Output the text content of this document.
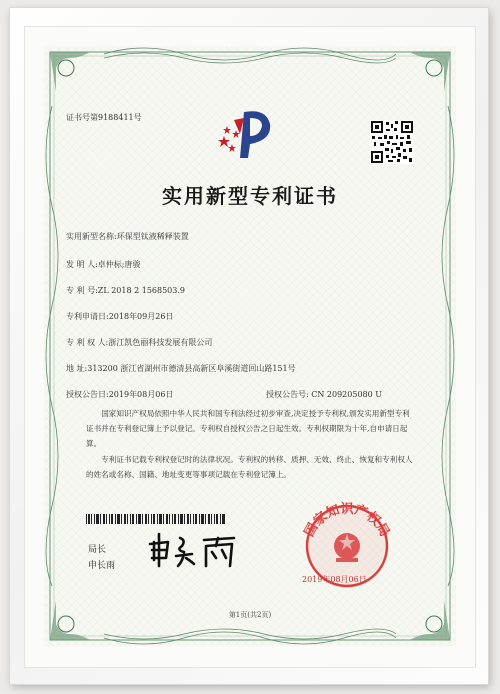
证书号第9188411号
实用新型专利证书
实用新型名称:环保型钛液稀释装置
发 明 人:卓仲标;唐骏
专 利 号:ZL 2018 2 1568503.9
专利申请日:2018年09月26日
专 利 权 人:浙江凯色丽科技发展有限公司
地 址:313200 浙江省湖州市德清县高新区阜溪街道回山路151号
授权公告日:2019年08月06日	授权公告号: CN 209205080 U
国家知识产权局依照中华人民共和国专利法经过初步审查,决定授予专利权,颁发实用新型专利证书并在专利登记簿上予以登记。专利权自授权公告之日起生效。专利权期限为十年,自申请日起算。
专利证书记载专利权登记时的法律状况。专利权的转移、质押、无效、终止、恢复和专利权人的姓名或名称、国籍、地址变更等事项记载在专利登记簿上。
局长
申长雨
国家知识产权局
2019年08月06日
第1页(共2页)
